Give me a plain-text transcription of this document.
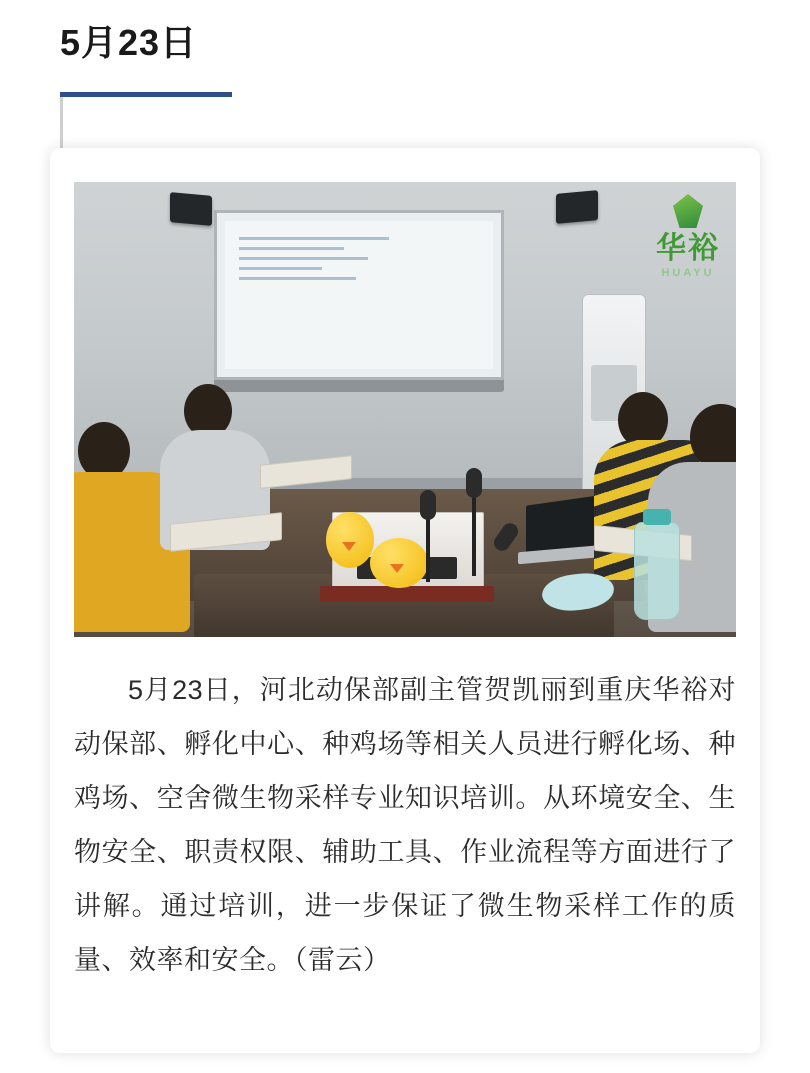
5月23日
华裕
HUAYU
5月23日，河北动保部副主管贺凯丽到重庆华裕对动保部、孵化中心、种鸡场等相关人员进行孵化场、种鸡场、空舍微生物采样专业知识培训。从环境安全、生物安全、职责权限、辅助工具、作业流程等方面进行了讲解。通过培训，进一步保证了微生物采样工作的质量、效率和安全。（雷云）
